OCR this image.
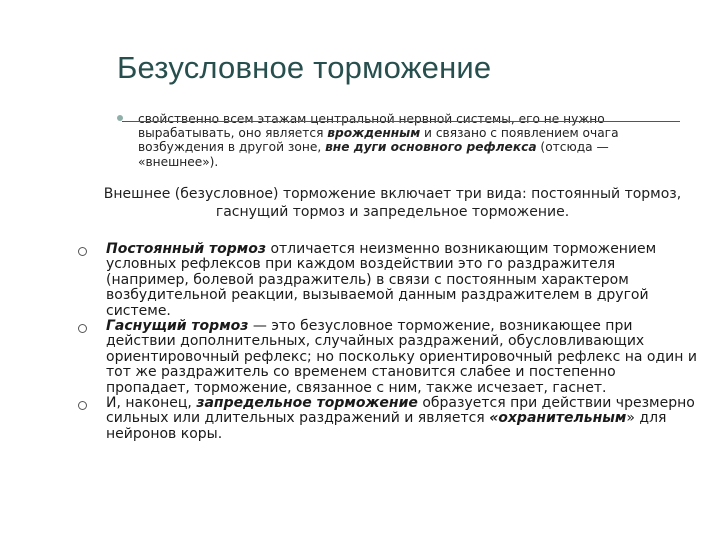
Безусловное торможение

свойственно всем этажам центральной нервной системы, его не нужно вырабатывать, оно является врожденным и связано с появлением очага возбуждения в другой зоне, вне дуги основного рефлекса (отсюда — «внешнее»).

Внешнее (безусловное) торможение включает три вида: постоянный тормоз, гаснущий тормоз и запредельное торможение.

Постоянный тормоз отличается неизменно возникающим торможением условных рефлексов при каждом воздействии это го раздражителя (например, болевой раздражитель) в связи с постоянным характером возбудительной реакции, вызываемой данным раздражителем в другой системе.
Гаснущий тормоз — это безусловное торможение, возникающее при действии дополнительных, случайных раздражений, обусловливающих ориентировочный рефлекс; но поскольку ориентировочный рефлекс на один и тот же раздражитель со временем становится слабее и постепенно пропадает, торможение, связанное с ним, также исчезает, гаснет.
И, наконец, запредельное торможение образуется при действии чрезмерно сильных или длительных раздражений и является «охранительным» для нейронов коры.
